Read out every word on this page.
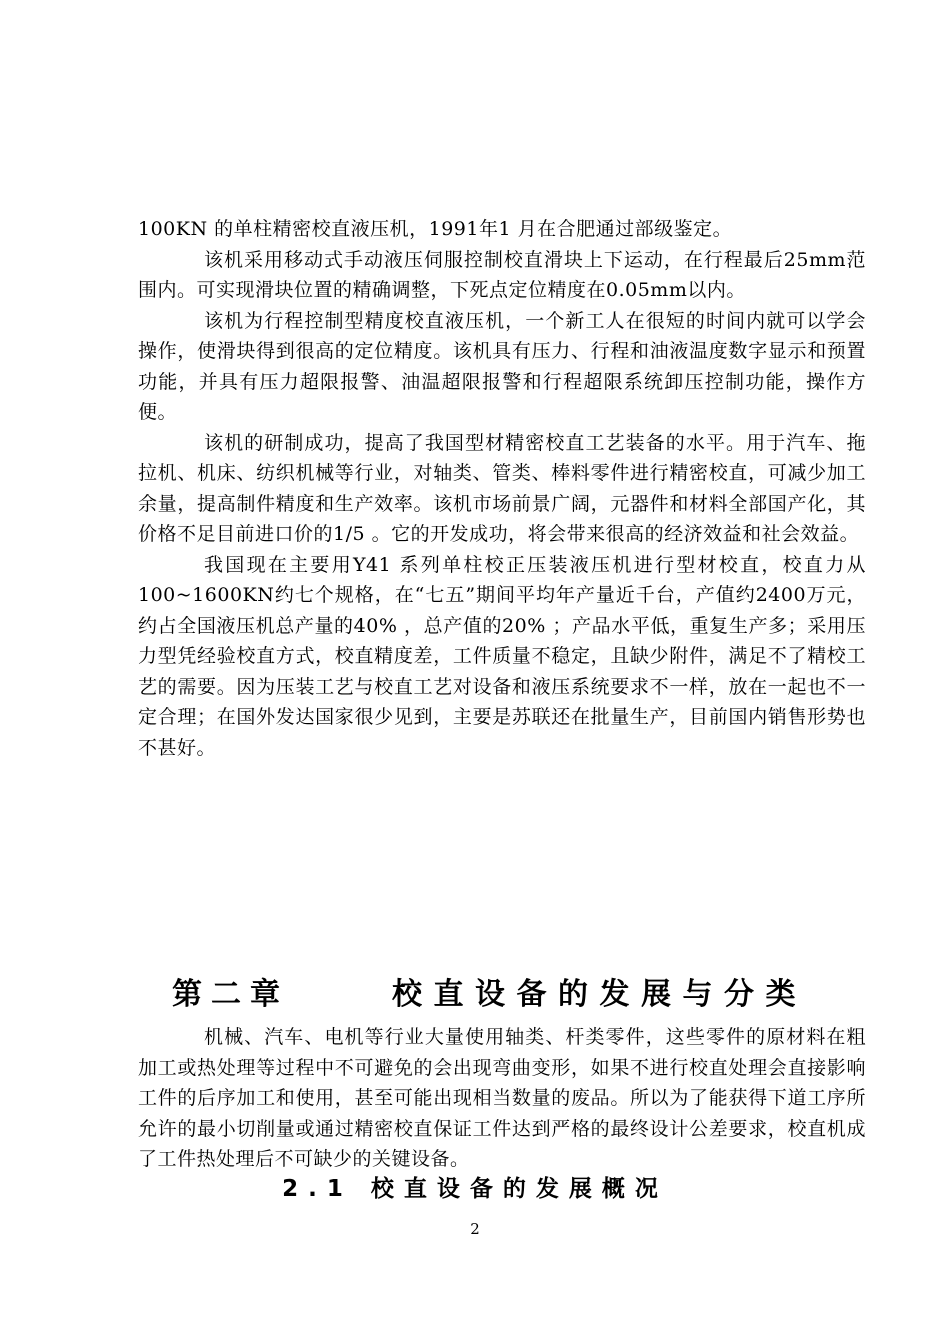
100KN 的单柱精密校直液压机，1991年1 月在合肥通过部级鉴定。

该机采用移动式手动液压伺服控制校直滑块上下运动，在行程最后25mm范围内。可实现滑块位置的精确调整，下死点定位精度在0.05mm以内。

该机为行程控制型精度校直液压机，一个新工人在很短的时间内就可以学会操作，使滑块得到很高的定位精度。该机具有压力、行程和油液温度数字显示和预置功能，并具有压力超限报警、油温超限报警和行程超限系统卸压控制功能，操作方便。

该机的研制成功，提高了我国型材精密校直工艺装备的水平。用于汽车、拖拉机、机床、纺织机械等行业，对轴类、管类、棒料零件进行精密校直，可减少加工余量，提高制件精度和生产效率。该机市场前景广阔，元器件和材料全部国产化，其价格不足目前进口价的1/5 。它的开发成功，将会带来很高的经济效益和社会效益。

我国现在主要用Y41 系列单柱校正压装液压机进行型材校直，校直力从100~1600KN约七个规格，在“七五”期间平均年产量近千台，产值约2400万元，约占全国液压机总产量的40% ，总产值的20% ；产品水平低，重复生产多；采用压力型凭经验校直方式，校直精度差，工件质量不稳定，且缺少附件，满足不了精校工艺的需要。因为压装工艺与校直工艺对设备和液压系统要求不一样，放在一起也不一定合理；在国外发达国家很少见到，主要是苏联还在批量生产，目前国内销售形势也不甚好。

第二章	校直设备的发展与分类

机械、汽车、电机等行业大量使用轴类、杆类零件，这些零件的原材料在粗加工或热处理等过程中不可避免的会出现弯曲变形，如果不进行校直处理会直接影响工件的后序加工和使用，甚至可能出现相当数量的废品。所以为了能获得下道工序所允许的最小切削量或通过精密校直保证工件达到严格的最终设计公差要求，校直机成了工件热处理后不可缺少的关键设备。

2.1 校直设备的发展概况
2
